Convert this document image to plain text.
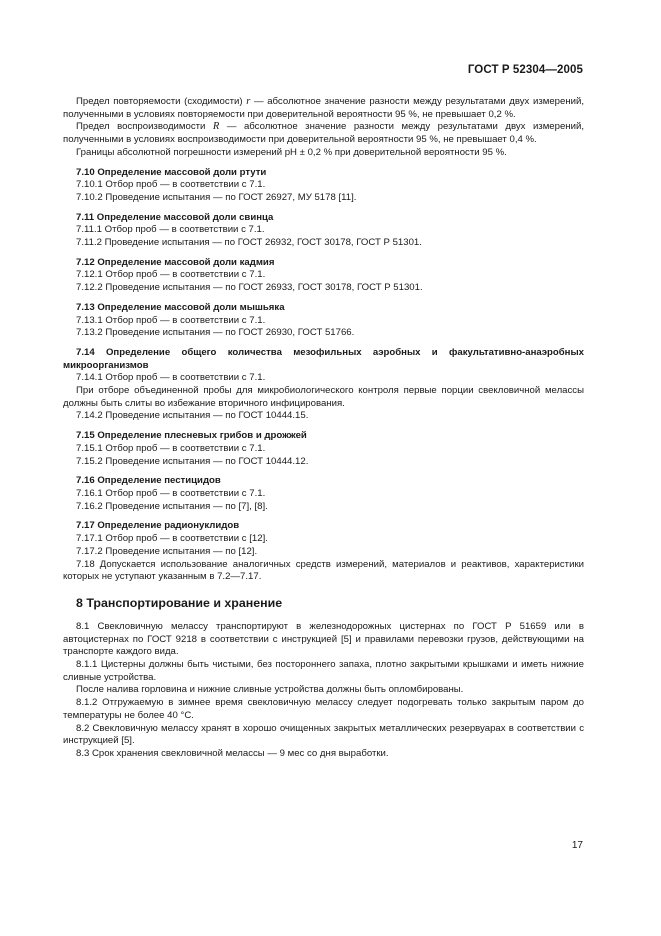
ГОСТ Р 52304—2005

Предел повторяемости (сходимости) r — абсолютное значение разности между результатами двух измерений, полученными в условиях повторяемости при доверительной вероятности 95 %, не превышает 0,2 %.

Предел воспроизводимости R — абсолютное значение разности между результатами двух измерений, полученными в условиях воспроизводимости при доверительной вероятности 95 %, не превышает 0,4 %.

Границы абсолютной погрешности измерений рН ± 0,2 % при доверительной вероятности 95 %.

7.10 Определение массовой доли ртути

7.10.1 Отбор проб — в соответствии с 7.1.

7.10.2 Проведение испытания — по ГОСТ 26927, МУ 5178 [11].

7.11 Определение массовой доли свинца

7.11.1 Отбор проб — в соответствии с 7.1.

7.11.2 Проведение испытания — по ГОСТ 26932, ГОСТ 30178, ГОСТ Р 51301.

7.12 Определение массовой доли кадмия

7.12.1 Отбор проб — в соответствии с 7.1.

7.12.2 Проведение испытания — по ГОСТ 26933, ГОСТ 30178, ГОСТ Р 51301.

7.13 Определение массовой доли мышьяка

7.13.1 Отбор проб — в соответствии с 7.1.

7.13.2 Проведение испытания — по ГОСТ 26930, ГОСТ 51766.

7.14 Определение общего количества мезофильных аэробных и факультативно-анаэробных микроорганизмов

7.14.1 Отбор проб — в соответствии с 7.1.

При отборе объединенной пробы для микробиологического контроля первые порции свекловичной мелассы должны быть слиты во избежание вторичного инфицирования.

7.14.2 Проведение испытания — по ГОСТ 10444.15.

7.15 Определение плесневых грибов и дрожжей

7.15.1 Отбор проб — в соответствии с 7.1.

7.15.2 Проведение испытания — по ГОСТ 10444.12.

7.16 Определение пестицидов

7.16.1 Отбор проб — в соответствии с 7.1.

7.16.2 Проведение испытания — по [7], [8].

7.17 Определение радионуклидов

7.17.1 Отбор проб — в соответствии с [12].

7.17.2 Проведение испытания — по [12].

7.18 Допускается использование аналогичных средств измерений, материалов и реактивов, характеристики которых не уступают указанным в 7.2—7.17.

8 Транспортирование и хранение

8.1 Свекловичную мелассу транспортируют в железнодорожных цистернах по ГОСТ Р 51659 или в автоцистернах по ГОСТ 9218 в соответствии с инструкцией [5] и правилами перевозки грузов, действующими на транспорте каждого вида.

8.1.1 Цистерны должны быть чистыми, без постороннего запаха, плотно закрытыми крышками и иметь нижние сливные устройства.

После налива горловина и нижние сливные устройства должны быть опломбированы.

8.1.2 Отгружаемую в зимнее время свекловичную мелассу следует подогревать только закрытым паром до температуры не более 40 °С.

8.2 Свекловичную мелассу хранят в хорошо очищенных закрытых металлических резервуарах в соответствии с инструкцией [5].

8.3 Срок хранения свекловичной мелассы — 9 мес со дня выработки.

17
